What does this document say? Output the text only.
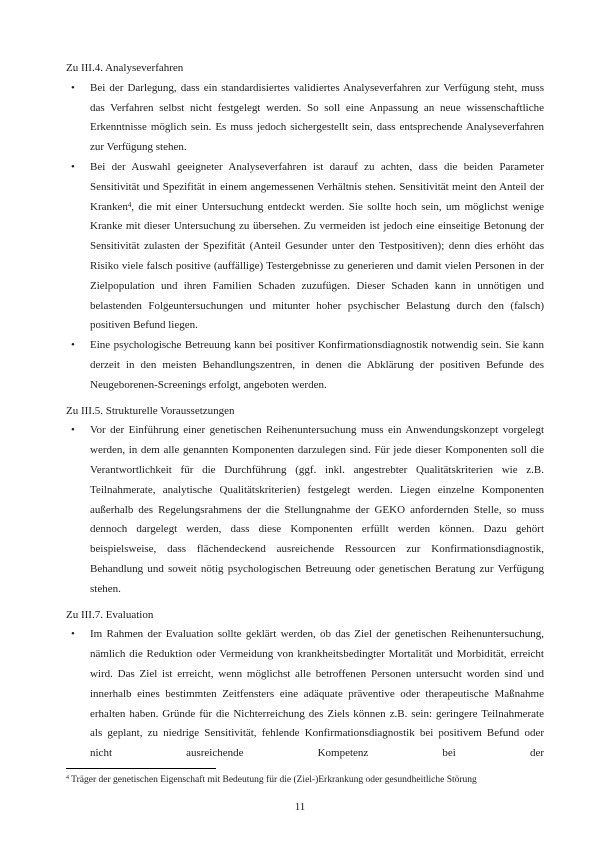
Zu III.4. Analyseverfahren
• Bei der Darlegung, dass ein standardisiertes validiertes Analyseverfahren zur Verfügung steht, muss das Verfahren selbst nicht festgelegt werden. So soll eine Anpassung an neue wissenschaftliche Erkenntnisse möglich sein. Es muss jedoch sichergestellt sein, dass entsprechende Analyseverfahren zur Verfügung stehen.
• Bei der Auswahl geeigneter Analyseverfahren ist darauf zu achten, dass die beiden Parameter Sensitivität und Spezifität in einem angemessenen Verhältnis stehen. Sensitivität meint den Anteil der Kranken$^4$, die mit einer Untersuchung entdeckt werden. Sie sollte hoch sein, um möglichst wenige Kranke mit dieser Untersuchung zu übersehen. Zu vermeiden ist jedoch eine einseitige Betonung der Sensitivität zulasten der Spezifität (Anteil Gesunder unter den Testpositiven); denn dies erhöht das Risiko viele falsch positive (auffällige) Testergebnisse zu generieren und damit vielen Personen in der Zielpopulation und ihren Familien Schaden zuzufügen. Dieser Schaden kann in unnötigen und belastenden Folgeuntersuchungen und mitunter hoher psychischer Belastung durch den (falsch) positiven Befund liegen.
• Eine psychologische Betreuung kann bei positiver Konfirmationsdiagnostik notwendig sein. Sie kann derzeit in den meisten Behandlungszentren, in denen die Abklärung der positiven Befunde des Neugeborenen-Screenings erfolgt, angeboten werden.
Zu III.5. Strukturelle Voraussetzungen
• Vor der Einführung einer genetischen Reihenuntersuchung muss ein Anwendungskonzept vorgelegt werden, in dem alle genannten Komponenten darzulegen sind. Für jede dieser Komponenten soll die Verantwortlichkeit für die Durchführung (ggf. inkl. angestrebter Qualitätskriterien wie z.B. Teilnahmerate, analytische Qualitätskriterien) festgelegt werden. Liegen einzelne Komponenten außerhalb des Regelungsrahmens der die Stellungnahme der GEKO anfordernden Stelle, so muss dennoch dargelegt werden, dass diese Komponenten erfüllt werden können. Dazu gehört beispielsweise, dass flächendeckend ausreichende Ressourcen zur Konfirmationsdiagnostik, Behandlung und soweit nötig psychologischen Betreuung oder genetischen Beratung zur Verfügung stehen.
Zu III.7. Evaluation
• Im Rahmen der Evaluation sollte geklärt werden, ob das Ziel der genetischen Reihenuntersuchung, nämlich die Reduktion oder Vermeidung von krankheitsbedingter Mortalität und Morbidität, erreicht wird. Das Ziel ist erreicht, wenn möglichst alle betroffenen Personen untersucht worden sind und innerhalb eines bestimmten Zeitfensters eine adäquate präventive oder therapeutische Maßnahme erhalten haben. Gründe für die Nichterreichung des Ziels können z.B. sein: geringere Teilnahmerate als geplant, zu niedrige Sensitivität, fehlende Konfirmationsdiagnostik bei positivem Befund oder nicht ausreichende Kompetenz bei der
$^4$ Träger der genetischen Eigenschaft mit Bedeutung für die (Ziel-)Erkrankung oder gesundheitliche Störung
11
